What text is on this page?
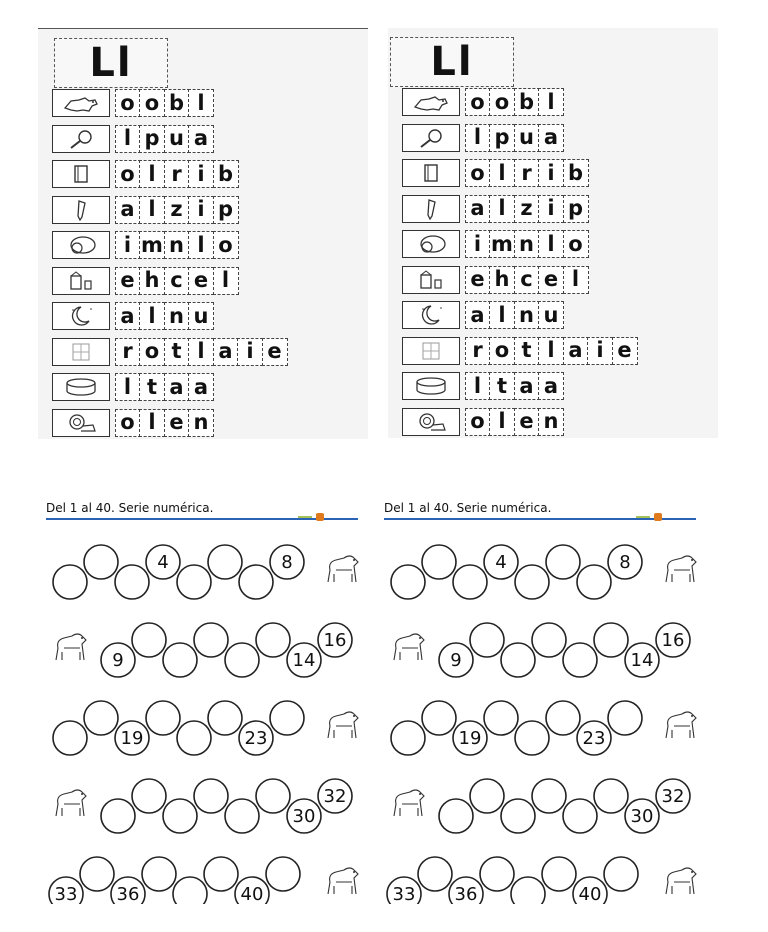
Ll
o o b l
l p u a
o l r i b
a l z i p
i m n l o
e h c e l
a l n u
r o t l a i e
l t a a
o l e n
Ll
o o b l
l p u a
o l r i b
a l z i p
i m n l o
e h c e l
a l n u
r o t l a i e
l t a a
o l e n
Del 1 al 40. Serie numérica.
4	8
9	14
16
19	23
30
32
33 36	40
Del 1 al 40. Serie numérica.
4	8
9	14
16
19	23
30
32
33 36	40
